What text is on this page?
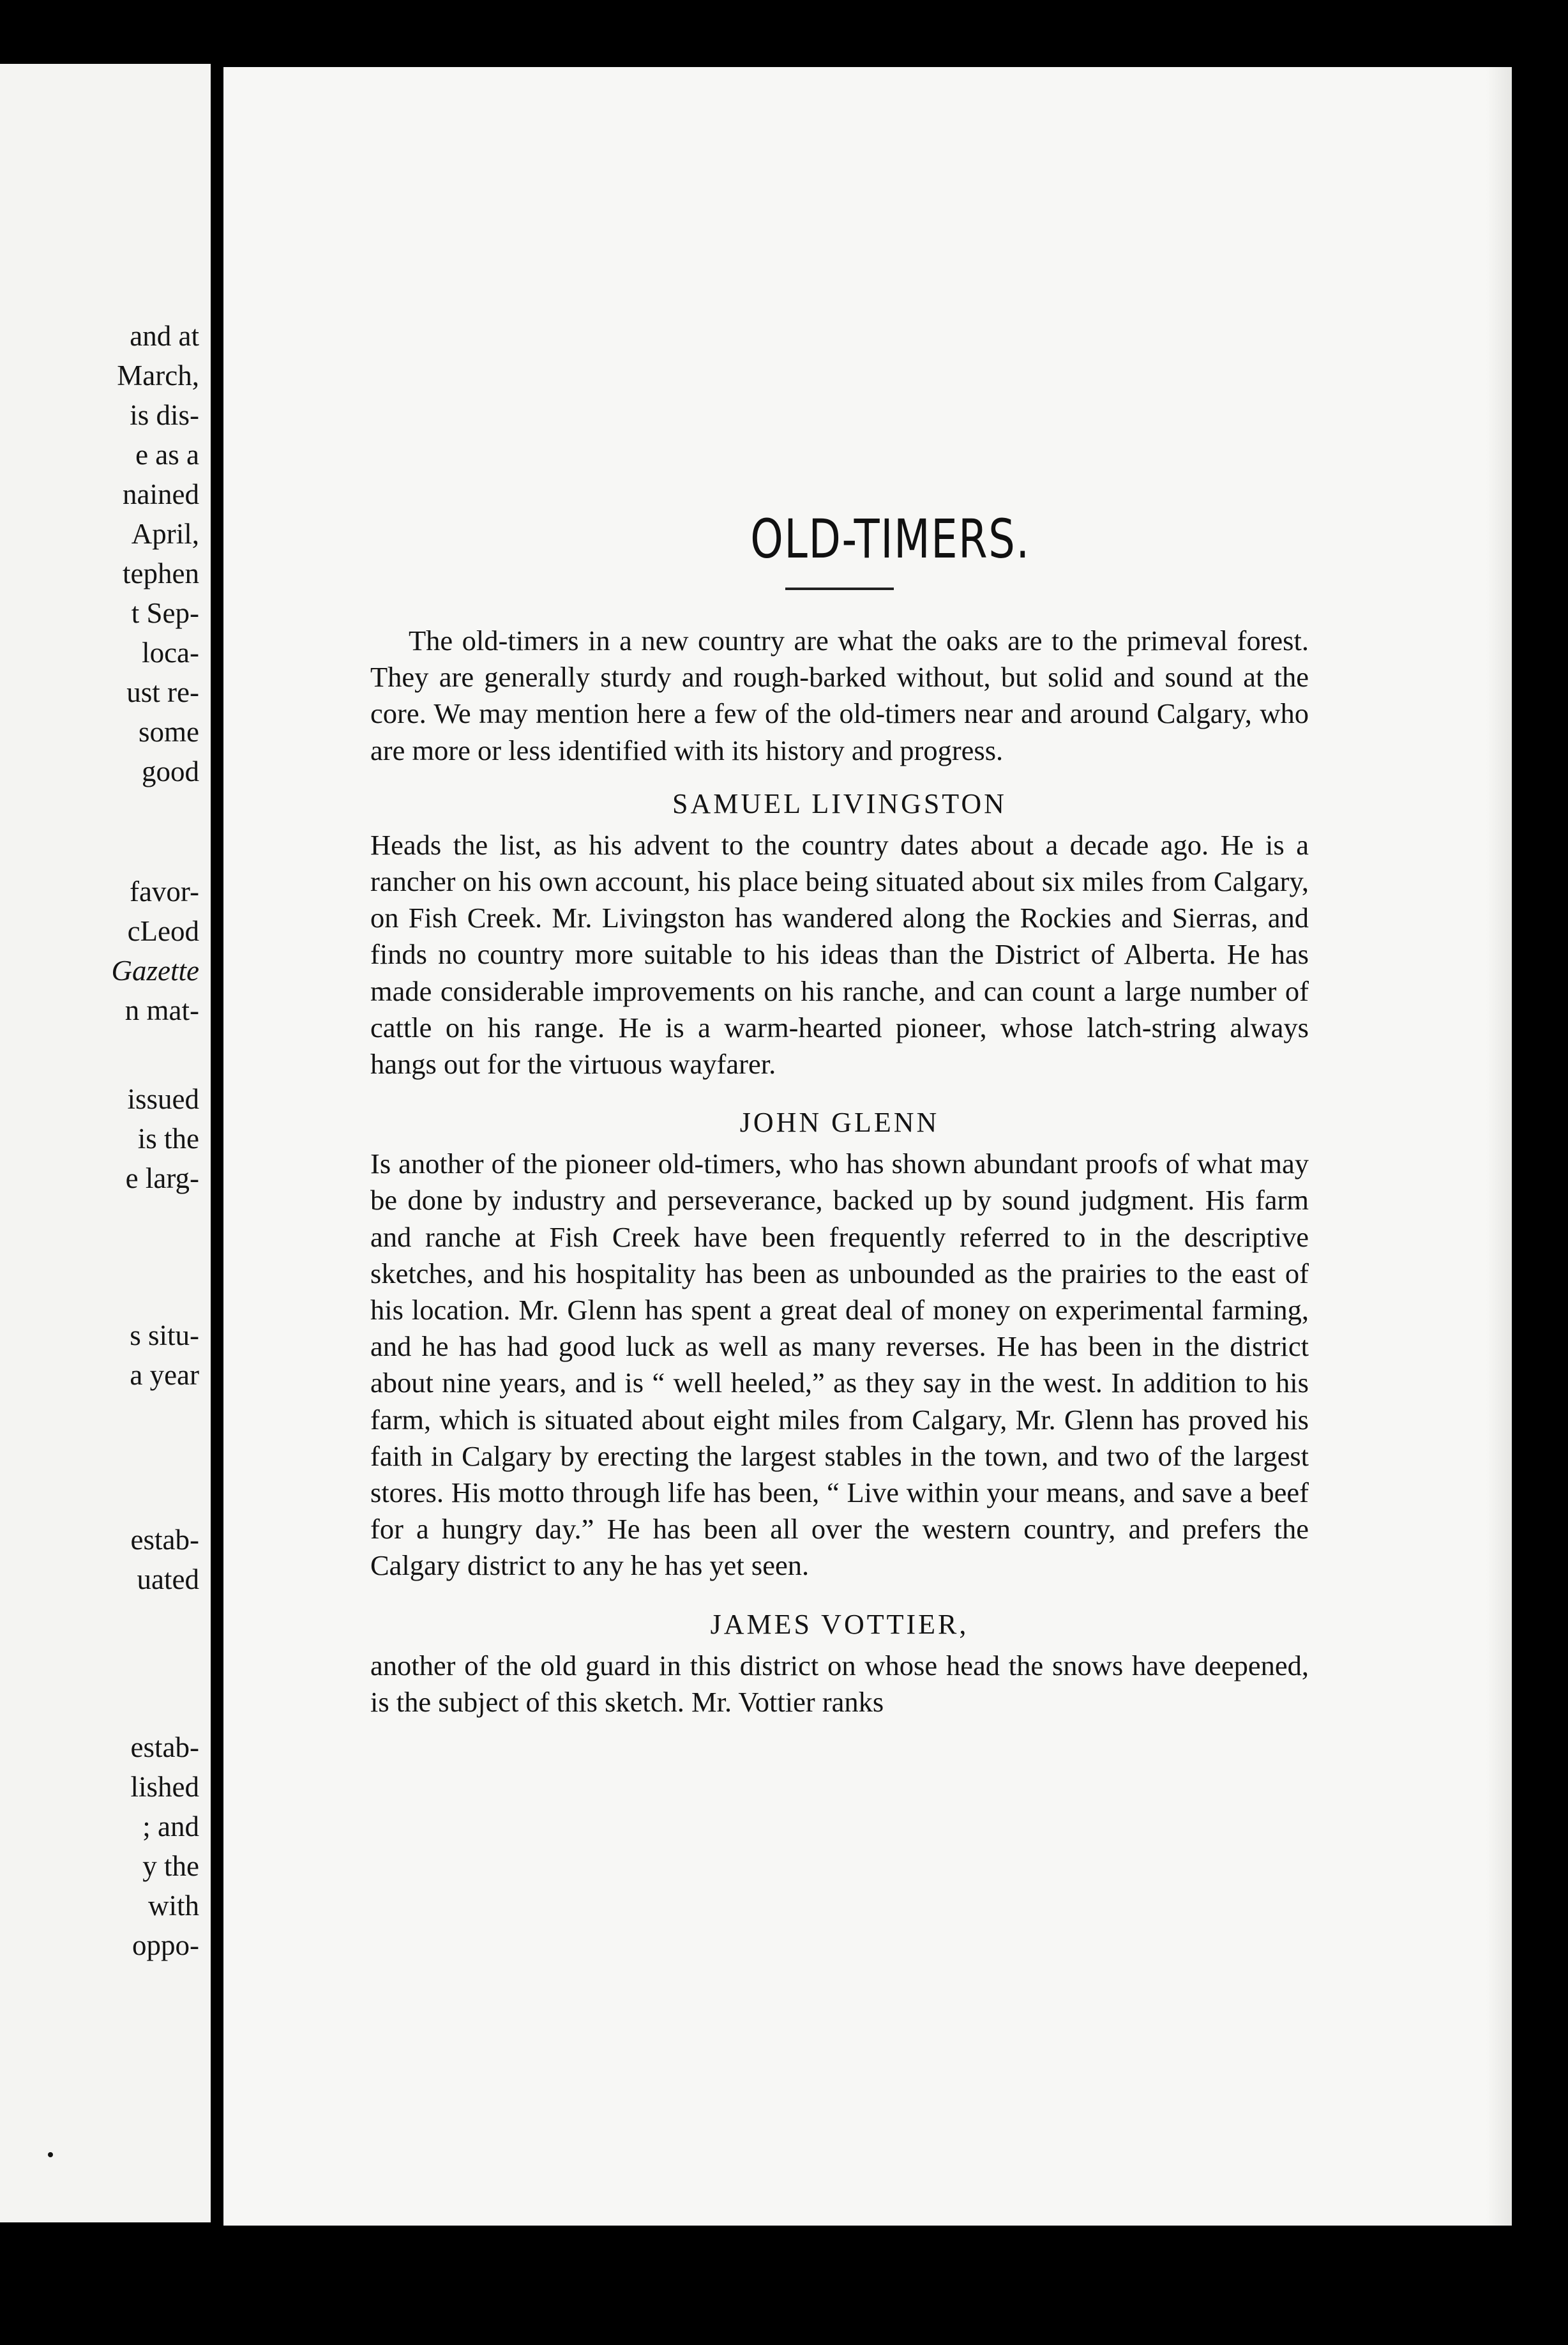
and at
March,
is dis-
e as a
nained
April,
tephen
t Sep-
loca-
ust re-
some
good
favor-
cLeod
Gazette
n mat-
issued
is the
e larg-
s situ-
a year
estab-
uated
estab-
lished
; and
y the
with
oppo-
OLD-TIMERS.

The old-timers in a new country are what the oaks are to the primeval forest. They are generally sturdy and rough-barked without, but solid and sound at the core. We may mention here a few of the old-timers near and around Calgary, who are more or less identified with its history and progress.

SAMUEL LIVINGSTON

Heads the list, as his advent to the country dates about a decade ago. He is a rancher on his own account, his place being situated about six miles from Calgary, on Fish Creek. Mr. Livingston has wandered along the Rockies and Sierras, and finds no country more suitable to his ideas than the District of Alberta. He has made considerable improvements on his ranche, and can count a large number of cattle on his range. He is a warm-hearted pioneer, whose latch-string always hangs out for the virtuous wayfarer.

JOHN GLENN

Is another of the pioneer old-timers, who has shown abundant proofs of what may be done by industry and perseverance, backed up by sound judgment. His farm and ranche at Fish Creek have been frequently referred to in the descriptive sketches, and his hospitality has been as unbounded as the prairies to the east of his location. Mr. Glenn has spent a great deal of money on experimental farming, and he has had good luck as well as many reverses. He has been in the district about nine years, and is “ well heeled,” as they say in the west. In addition to his farm, which is situated about eight miles from Calgary, Mr. Glenn has proved his faith in Calgary by erecting the largest stables in the town, and two of the largest stores. His motto through life has been, “ Live within your means, and save a beef for a hungry day.” He has been all over the western country, and prefers the Calgary district to any he has yet seen.

JAMES VOTTIER,

another of the old guard in this district on whose head the snows have deepened, is the subject of this sketch. Mr. Vottier ranks
